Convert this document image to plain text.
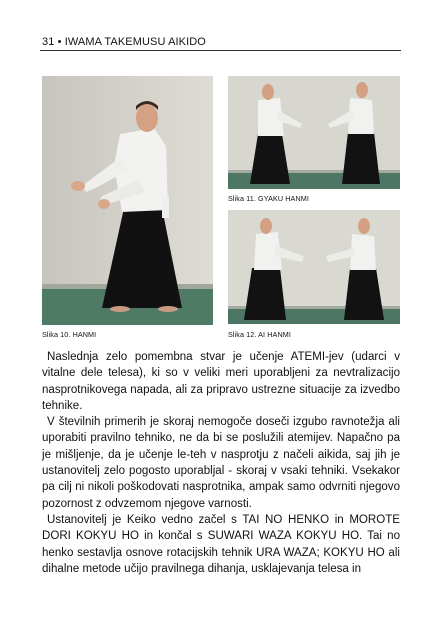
31 • IWAMA TAKEMUSU AIKIDO
Slika 10. HANMI
Slika 11. GYAKU HANMI
Slika 12. AI HANMI

Naslednja zelo pomembna stvar je učenje ATEMI-jev (udarci v vitalne dele telesa), ki so v veliki meri uporabljeni za nevtralizacijo nasprotnikovega napada, ali za pripravo ustrezne situacije za izvedbo tehnike.

V številnih primerih je skoraj nemogoče doseči izgubo ravnotežja ali uporabiti pravilno tehniko, ne da bi se poslužili atemijev. Napačno pa je mišljenje, da je učenje le-teh v nasprotju z načeli aikida, saj jih je ustanovitelj zelo pogosto uporabljal - skoraj v vsaki tehniki. Vsekakor pa cilj ni nikoli poškodovati nasprotnika, ampak samo odvrniti njegovo pozornost z odvzemom njegove varnosti.

Ustanovitelj je Keiko vedno začel s TAI NO HENKO in MOROTE DORI KOKYU HO in končal s SUWARI WAZA KOKYU HO. Tai no henko sestavlja osnove rotacijskih tehnik URA WAZA; KOKYU HO ali dihalne metode učijo pravilnega dihanja, usklajevanja telesa in
